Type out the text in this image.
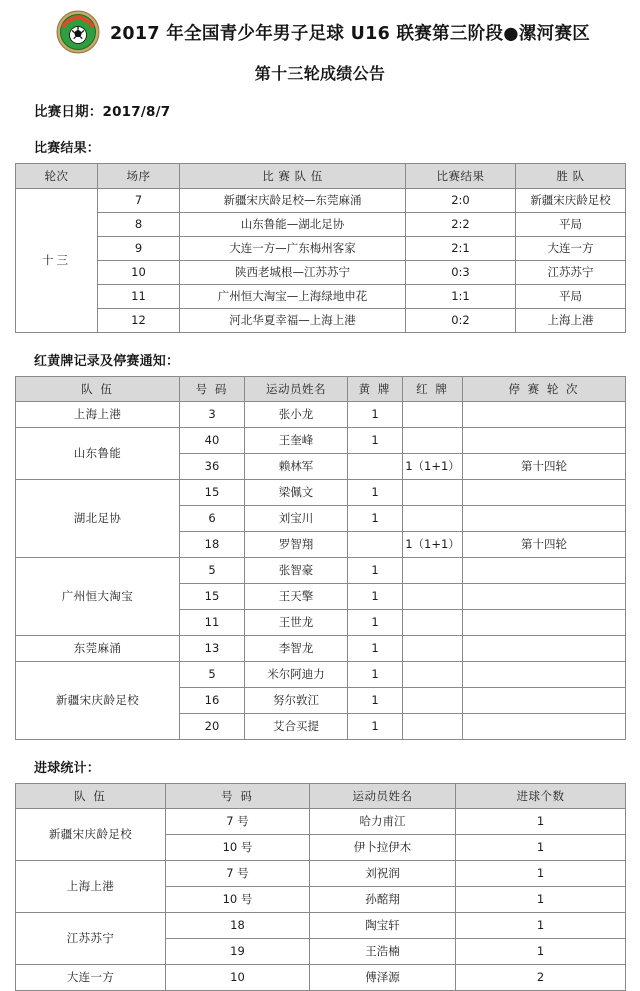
2017 年全国青少年男子足球 U16 联赛第三阶段●漯河赛区
第十三轮成绩公告
比赛日期：2017/8/7
比赛结果：
轮次	场序	比 赛 队 伍	比赛结果	胜 队
十三	7	新疆宋庆龄足校—东莞麻涌	2:0	新疆宋庆龄足校
	8	山东鲁能—湖北足协	2:2	平局
	9	大连一方—广东梅州客家	2:1	大连一方
	10	陕西老城根—江苏苏宁	0:3	江苏苏宁
	11	广州恒大淘宝—上海绿地申花	1:1	平局
	12	河北华夏幸福—上海上港	0:2	上海上港
红黄牌记录及停赛通知：
队 伍	号 码	运动员姓名	黄 牌	红 牌	停 赛 轮 次
上海上港	3	张小龙	1		
山东鲁能	40	王奎峰	1		
	36	赖林军		1（1+1）	第十四轮
湖北足协	15	梁佩文	1		
	6	刘宝川	1		
	18	罗智翔		1（1+1）	第十四轮
广州恒大淘宝	5	张智豪	1		
	15	王天擎	1		
	11	王世龙	1		
东莞麻涌	13	李智龙	1		
新疆宋庆龄足校	5	米尔阿迪力	1		
	16	努尔敦江	1		
	20	艾合买提	1		
进球统计：
队 伍	号 码	运动员姓名	进球个数
新疆宋庆龄足校	7 号	哈力甫江	1
	10 号	伊卜拉伊木	1
上海上港	7 号	刘祝润	1
	10 号	孙酩翔	1
江苏苏宁	18	陶宝轩	1
	19	王浩楠	1
大连一方	10	傅泽源	2
